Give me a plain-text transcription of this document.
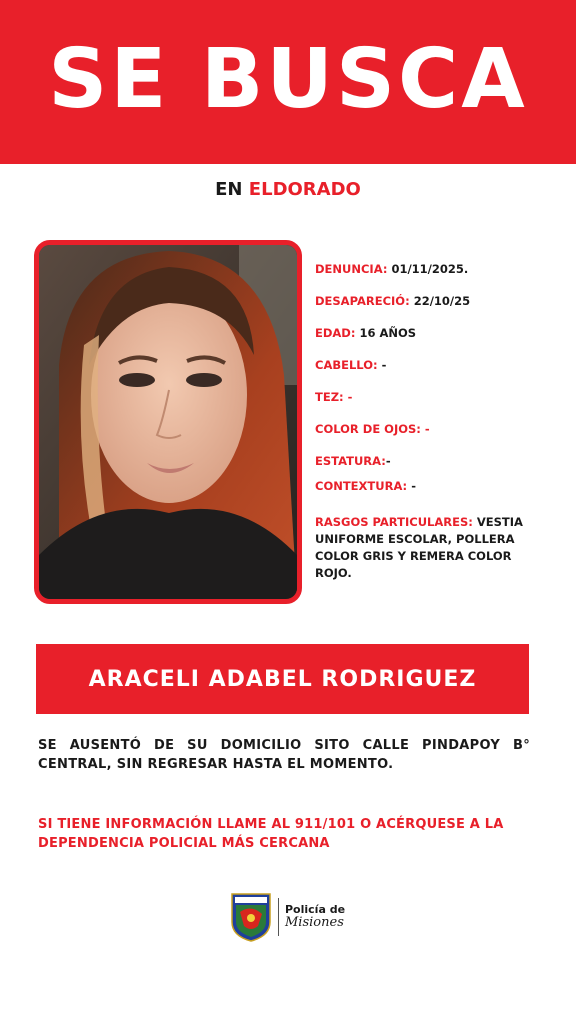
SE BUSCA
EN ELDORADO
DENUNCIA: 01/11/2025.
DESAPARECIÓ: 22/10/25
EDAD: 16 AÑOS
CABELLO: -
TEZ: -
COLOR DE OJOS: -
ESTATURA:-
CONTEXTURA: -
RASGOS PARTICULARES: VESTIA UNIFORME ESCOLAR, POLLERA COLOR GRIS Y REMERA COLOR ROJO.
ARACELI ADABEL RODRIGUEZ
SE AUSENTÓ DE SU DOMICILIO SITO CALLE PINDAPOY B° CENTRAL, SIN REGRESAR HASTA EL MOMENTO.
SI TIENE INFORMACIÓN LLAME AL 911/101 O ACÉRQUESE A LA DEPENDENCIA POLICIAL MÁS CERCANA
Policía de
Misiones
